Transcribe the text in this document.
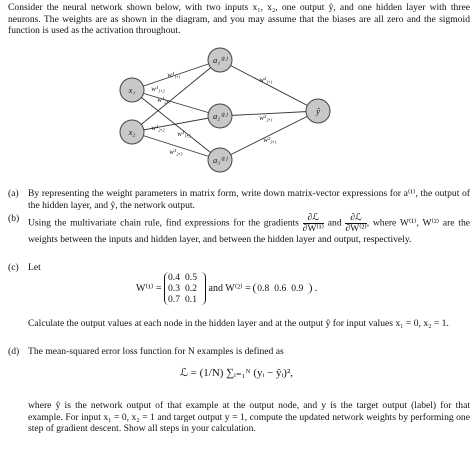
Consider the neural network shown below, with two inputs x₁, x₂, one output ŷ, and one hidden layer with three neurons. The weights are as shown in the diagram, and you may assume that the biases are all zero and the sigmoid function is used as the activation throughout.
x₁
x₂
a₁⁽¹⁾
a₂⁽¹⁾
a₃⁽¹⁾
ŷ
w¹₁,₁
w¹₂,₁
w¹₁,₂
w¹₂,₂
w¹₁,₃
w¹₂,₃
w²₁,₁
w²₂,₁
w²₃,₁
(a) By representing the weight parameters in matrix form, write down matrix-vector expressions for a⁽¹⁾, the output of the hidden layer, and ŷ, the network output.
(b) Using the multivariate chain rule, find expressions for the gradients $\frac{\text{∂ℒ}}{\text{∂W⁽¹⁾}}$ and $\frac{\text{∂ℒ}}{\text{∂W⁽²⁾}}$ , where W⁽¹⁾, W⁽²⁾ are the weights between the inputs and hidden layer, and between the hidden layer and output, respectively.
(c) Let
W⁽¹⁾ =
0.4 0.5
0.3 0.2
0.7 0.1
and W⁽²⁾ = 0.8 0.6 0.9 .
Calculate the output values at each node in the hidden layer and at the output ŷ for input values x₁ = 0, x₂ = 1.
(d) The mean-squared error loss function for N examples is defined as
ℒ = (1/N) ∑ᵢ₌₁ᴺ (yᵢ − ŷᵢ)²,
where ŷ is the network output of that example at the output node, and y is the target output (label) for that example. For input x₁ = 0, x₂ = 1 and target output y = 1, compute the updated network weights by performing one step of gradient descent. Show all steps in your calculation.
